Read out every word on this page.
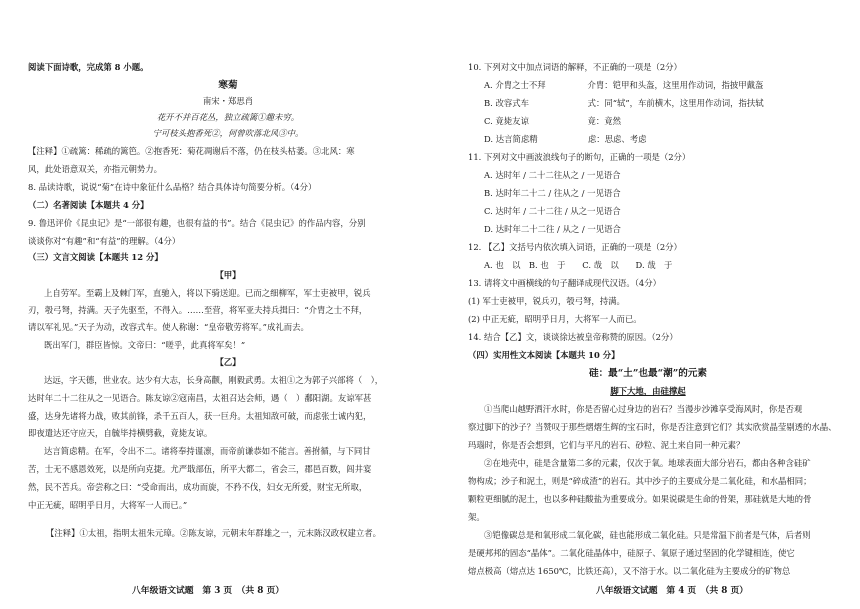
阅读下面诗歌，完成第 8 小题。
寒菊
南宋・郑思肖
花开不并百花丛，独立疏篱①趣未穷。
宁可枝头抱香死②，何曾吹落北风③中。
【注释】①疏篱：稀疏的篱笆。②抱香死：菊花凋谢后不落，仍在枝头枯萎。③北风：寒
风，此处语意双关，亦指元朝势力。
8. 品读诗歌，说说“菊”在诗中象征什么品格？结合具体诗句简要分析。（4分）
（二）名著阅读【本题共 4 分】
9. 鲁迅评价《昆虫记》是“一部很有趣，也很有益的书”。结合《昆虫记》的作品内容，分别
谈谈你对“有趣”和“有益”的理解。（4分）
（三）文言文阅读【本题共 12 分】
【甲】
上自劳军。至霸上及棘门军，直驰入，将以下骑送迎。已而之细柳军，军士吏被甲，锐兵
刃，彀弓弩，持满。天子先驱至，不得入。……至营，将军亚夫持兵揖曰：“介胄之士不拜，
请以军礼见。”天子为动，改容式车。使人称谢：“皇帝敬劳将军。”成礼而去。
既出军门，群臣皆惊。文帝曰：“嗟乎，此真将军矣！”
【乙】
达远，字天德，世业农。达少有大志，长身高颧，刚毅武勇。太祖①之为郭子兴部将（　），
达时年二十二往从之一见语合。陈友谅②寇南昌，太祖召达会师，遇（　）鄱阳湖。友谅军甚
盛，达身先诸将力战，败其前锋，杀千五百人，获一巨舟。太祖知敌可破，而虑张士诚内犯，
即夜遣达还守应天，自毓毕持横劈截，竟毙友谅。
达言简虑精。在军，令出不二。诸将奉持谨凛，而帝前谦恭如不能言。善拊循，与下同甘
苦，士无不感恩效死，以是所向克捷。尤严戢部伍，所平大都二，省会三，郡邑百数，闾井宴
然，民不苦兵。帝尝称之曰：“受命而出，成功而旋，不矜不伐，妇女无所爱，财宝无所取，
中正无疵，昭明乎日月，大将军一人而已。”
【注释】①太祖，指明太祖朱元璋。②陈友谅，元朝末年群雄之一，元末陈汉政权建立者。
10. 下列对文中加点词语的解释，不正确的一项是（2分）
A. 介胄之士不拜　　　　　介胄：铠甲和头盔，这里用作动词，指披甲戴盔
B. 改容式车　　　　　　　式：同“轼”，车前横木，这里用作动词，指扶轼
C. 竟毙友谅　　　　　　　竟：竟然
D. 达言简虑精　　　　　　虑：思虑、考虑
11. 下列对文中画波浪线句子的断句，正确的一项是（2分）
A. 达时年 / 二十二往从之 / 一见语合
B. 达时年二十二 / 往从之 / 一见语合
C. 达时年 / 二十二往 / 从之一见语合
D. 达时年二十二往 / 从之 / 一见语合
12. 【乙】文括号内依次填入词语，正确的一项是（2分）
A. 也　以　B. 也　于　　C. 哉　以　　D. 哉　于
13. 请将文中画横线的句子翻译成现代汉语。（4分）
(1) 军士吏被甲，锐兵刃，彀弓弩，持满。
(2) 中正无疵，昭明乎日月，大将军一人而已。
14. 结合【乙】文，谈谈徐达被皇帝称赞的原因。（2分）
（四）实用性文本阅读【本题共 10 分】
硅：最“土”也最“潮”的元素
脚下大地，由硅撑起
①当爬山越野洒汗水时，你是否留心过身边的岩石？当漫步沙滩享受海风时，你是否观
察过脚下的沙子？当赞叹于那些熠熠生辉的宝石时，你是否注意到它们？其实欣赏晶莹剔透的水晶、
玛瑙时，你是否会想到，它们与平凡的岩石、砂粒、泥土来自同一种元素？
②在地壳中，硅是含量第二多的元素，仅次于氧。地球表面大部分岩石，都由各种含硅矿
物构成；沙子和泥土，则是“碎成渣”的岩石。其中沙子的主要成分是二氧化硅，和水晶相同；
颗粒更细腻的泥土，也以多种硅酸盐为重要成分。如果说碳是生命的骨架，那硅就是大地的骨
架。
③铠像碳总是和氧形成二氧化碳，硅也能形成二氧化硅。只是常温下前者是气体，后者则
是硬邦邦的固态“晶体”。二氧化硅晶体中，硅原子、氧原子通过坚固的化学键相连，使它
熔点极高（熔点达 1650℃，比铁还高），又不溶于水。以二氧化硅为主要成分的矿物总
八年级语文试题　第 3 页　（共 8 页）	八年级语文试题　第 4 页　（共 8 页）
